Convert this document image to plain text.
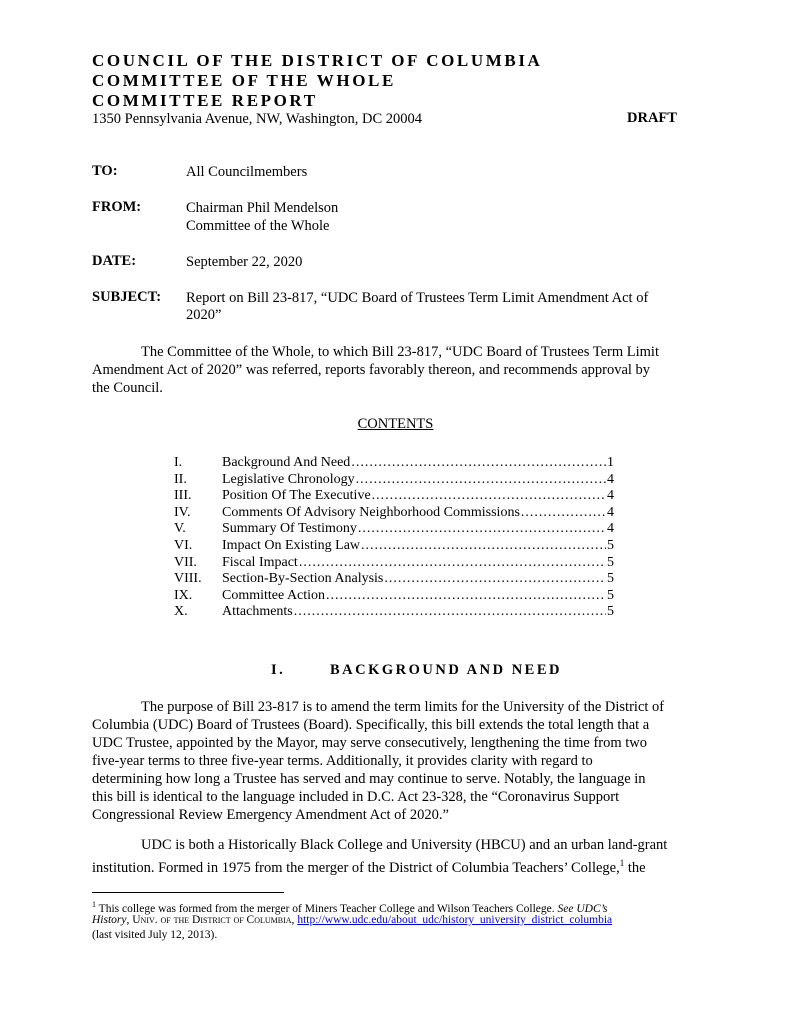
COUNCIL OF THE DISTRICT OF COLUMBIA
COMMITTEE OF THE WHOLE
COMMITTEE REPORT
1350 Pennsylvania Avenue, NW, Washington, DC 20004	DRAFT
TO:	All Councilmembers
FROM:	Chairman Phil Mendelson
Committee of the Whole
DATE:	September 22, 2020
SUBJECT: Report on Bill 23-817, “UDC Board of Trustees Term Limit Amendment Act of
2020”
The Committee of the Whole, to which Bill 23-817, “UDC Board of Trustees Term Limit
Amendment Act of 2020” was referred, reports favorably thereon, and recommends approval by
the Council.
CONTENTS
I.	Background And Need .....	1
II.	Legislative Chronology .....	4
III.	Position Of The Executive .....	4
IV.	Comments Of Advisory Neighborhood Commissions .....	4
V.	Summary Of Testimony .....	4
VI.	Impact On Existing Law .....	5
VII.	Fiscal Impact .....	5
VIII.	Section-By-Section Analysis .....	5
IX.	Committee Action .....	5
X.	Attachments .....	5
I.	BACKGROUND AND NEED
The purpose of Bill 23-817 is to amend the term limits for the University of the District of
Columbia (UDC) Board of Trustees (Board). Specifically, this bill extends the total length that a
UDC Trustee, appointed by the Mayor, may serve consecutively, lengthening the time from two
five-year terms to three five-year terms. Additionally, it provides clarity with regard to
determining how long a Trustee has served and may continue to serve. Notably, the language in
this bill is identical to the language included in D.C. Act 23-328, the “Coronavirus Support
Congressional Review Emergency Amendment Act of 2020.”
UDC is both a Historically Black College and University (HBCU) and an urban land-grant
institution. Formed in 1975 from the merger of the District of Columbia Teachers’ College,$^1$ the
$^1$ This college was formed from the merger of Miners Teacher College and Wilson Teachers College. See UDC’s
History, Univ. of the District of Columbia, http://www.udc.edu/about_udc/history_university_district_columbia
(last visited July 12, 2013).
